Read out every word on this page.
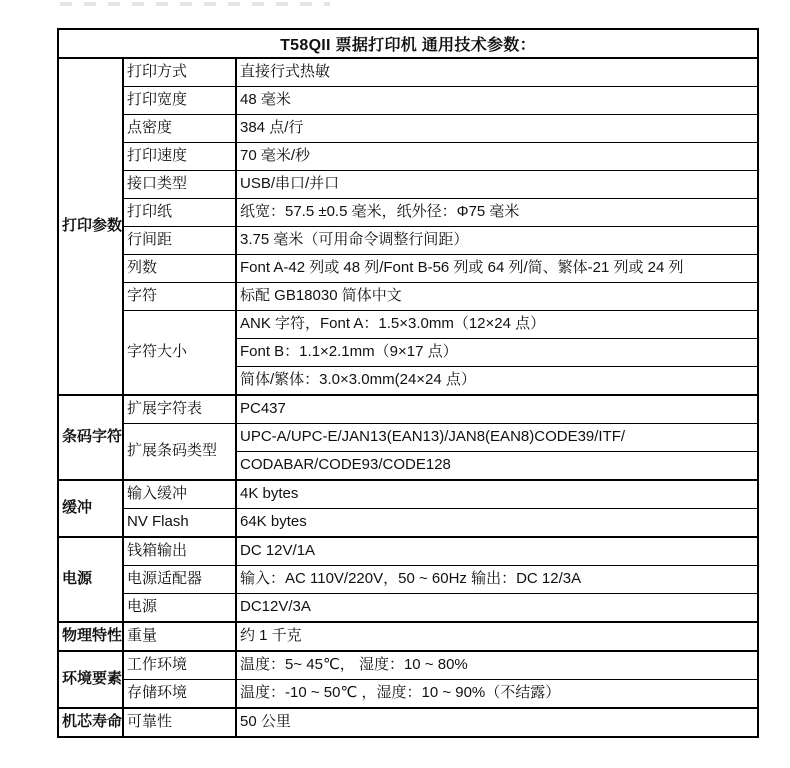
T58QII 票据打印机 通用技术参数：		
打印参数	打印方式	直接行式热敏
	打印宽度	48 毫米
	点密度	384 点/行
	打印速度	70 毫米/秒
	接口类型	USB/串口/并口
	打印纸	纸宽：57.5 ±0.5 毫米，纸外径：Φ75 毫米
	行间距	3.75 毫米（可用命令调整行间距）
	列数	Font A-42 列或 48 列/Font B-56 列或 64 列/简、繁体-21 列或 24 列
	字符	标配 GB18030 简体中文
	字符大小	ANK 字符，Font A：1.5×3.0mm（12×24 点）
		Font B：1.1×2.1mm（9×17 点）
		简体/繁体：3.0×3.0mm(24×24 点）
条码字符	扩展字符表	PC437
	扩展条码类型	UPC-A/UPC-E/JAN13(EAN13)/JAN8(EAN8)CODE39/ITF/
		CODABAR/CODE93/CODE128
缓冲	输入缓冲	4K bytes
	NV Flash	64K bytes
电源	钱箱输出	DC 12V/1A
	电源适配器	输入：AC 110V/220V，50 ~ 60Hz 输出：DC 12/3A
	电源	DC12V/3A
物理特性	重量	约 1 千克
环境要素	工作环境	温度：5~ 45℃， 湿度：10 ~ 80%
	存储环境	温度：-10 ~ 50℃ ，湿度：10 ~ 90%（不结露）
机芯寿命	可靠性	50 公里
